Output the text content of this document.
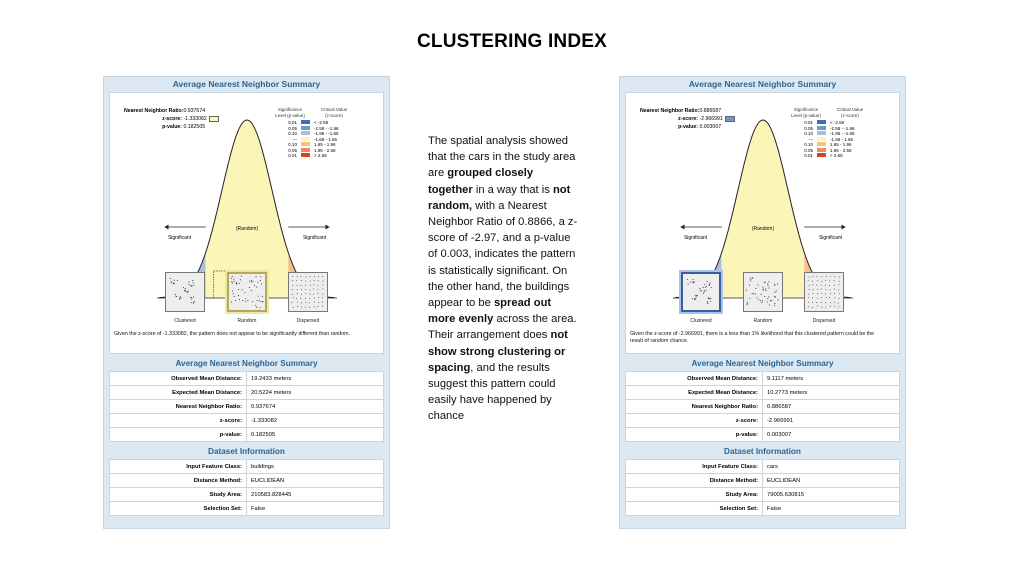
CLUSTERING INDEX
Average Nearest Neighbor Summary
Significant	Significant
(Random)
Nearest Neighbor Ratio: 0.937674
z-score: -1.333082
p-value: 0.182505
Significance Level (p-value)
Critical Value (z-score)
0.01		< -2.58
0.05		-2.58 - -1.96
0.10		-1.96 - -1.65
---		-1.65 - 1.65
0.10		1.65 - 1.96
0.05		1.96 - 2.58
0.01		> 2.58
Clustered	Random	Dispersed
Given the z-score of -1.333082, the pattern does not appear to be significantly different than random.
Average Nearest Neighbor Summary
Observed Mean Distance:	19.2433 meters
Expected Mean Distance:	20.5224 meters
Nearest Neighbor Ratio:	0.937674
z-score:	-1.333082
p-value:	0.182505
Dataset Information
Input Feature Class:	buildings
Distance Method:	EUCLIDEAN
Study Area:	210583.828445
Selection Set:	False
The spatial analysis showed that the cars in the study area are grouped closely together in a way that is not random, with a Nearest Neighbor Ratio of 0.8866, a z-score of -2.97, and a p-value of 0.003, indicates the pattern is statistically significant. On the other hand, the buildings appear to be spread out more evenly across the area. Their arrangement does not show strong clustering or spacing, and the results suggest this pattern could easily have happened by chance
Average Nearest Neighbor Summary
Significant	Significant
(Random)
Nearest Neighbor Ratio: 0.886587
z-score: -2.966991
p-value: 0.003007
Significance Level (p-value)
Critical Value (z-score)
0.01		< -2.58
0.05		-2.58 - -1.96
0.10		-1.96 - -1.65
---		-1.65 - 1.65
0.10		1.65 - 1.96
0.05		1.96 - 2.58
0.01		> 2.58
Clustered	Random	Dispersed
Given the z-score of -2.966991, there is a less than 1% likelihood that this clustered pattern could be the result of random chance.
Average Nearest Neighbor Summary
Observed Mean Distance:	9.1117 meters
Expected Mean Distance:	10.2773 meters
Nearest Neighbor Ratio:	0.886587
z-score:	-2.966991
p-value:	0.003007
Dataset Information
Input Feature Class:	cars
Distance Method:	EUCLIDEAN
Study Area:	79005.630815
Selection Set:	False
